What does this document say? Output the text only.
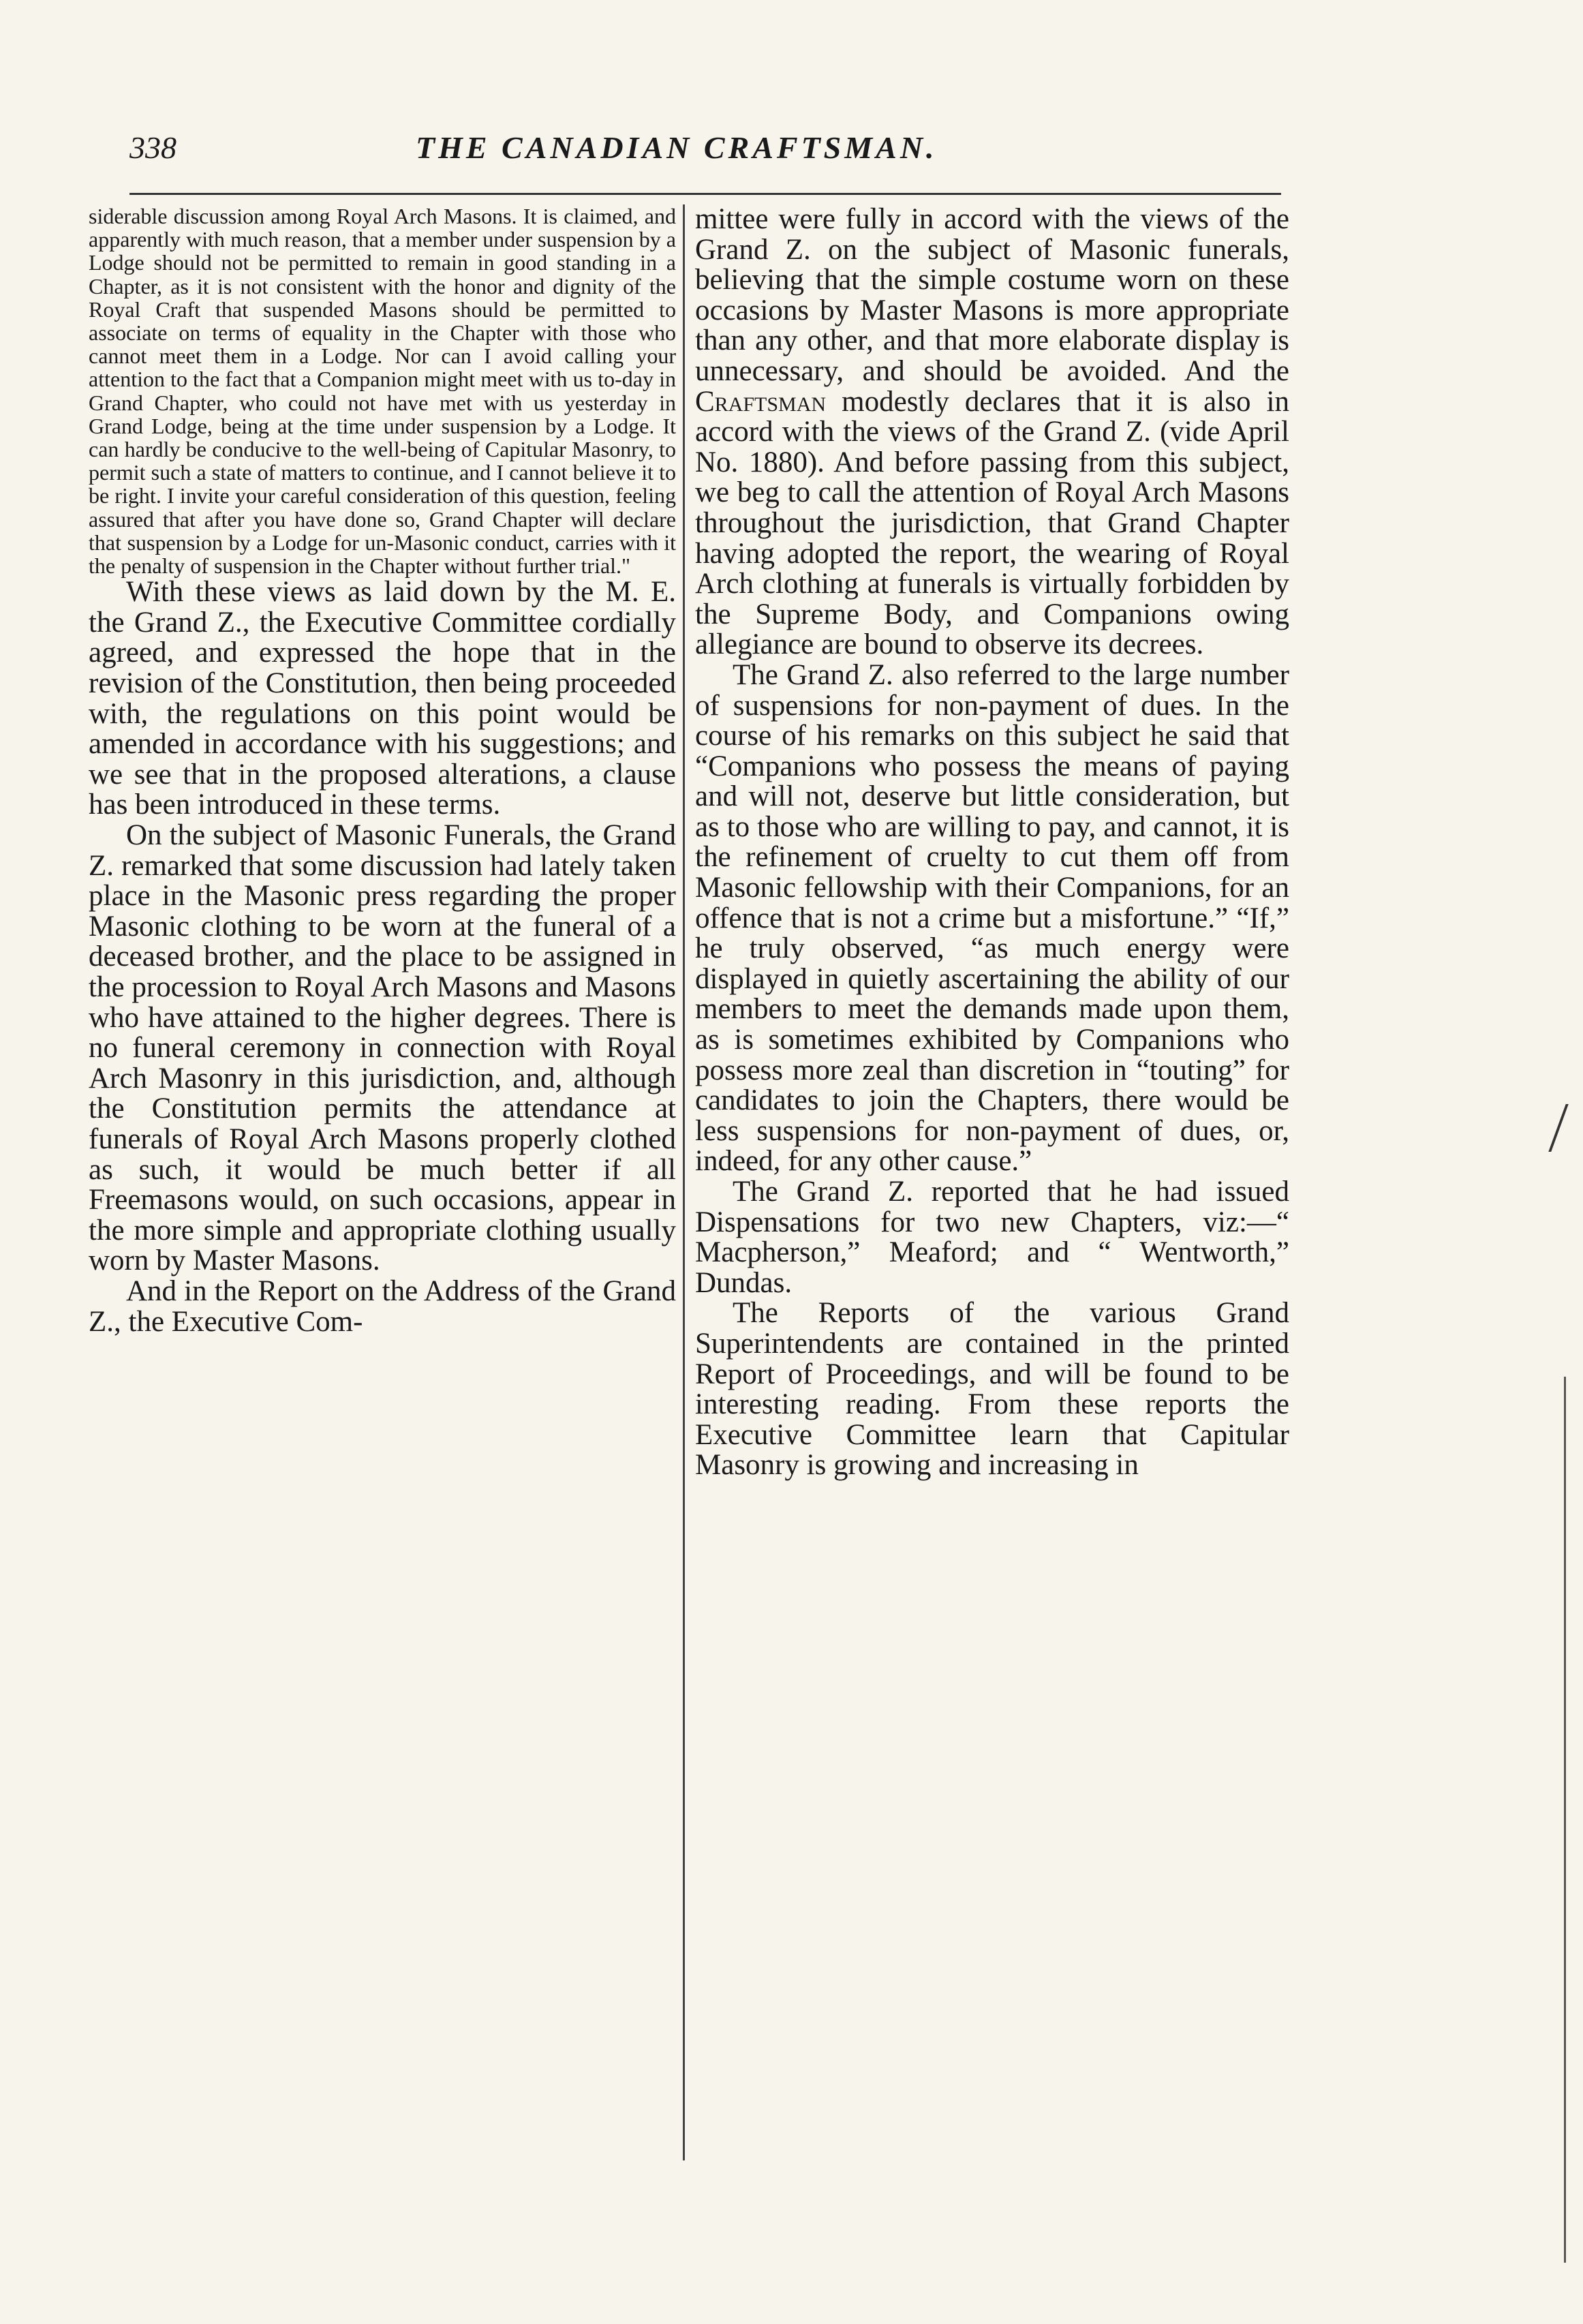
338	THE CANADIAN CRAFTSMAN.

siderable discussion among Royal Arch Masons. It is claimed, and apparently with much reason, that a member under suspension by a Lodge should not be permitted to remain in good standing in a Chapter, as it is not consistent with the honor and dignity of the Royal Craft that suspended Masons should be permitted to associate on terms of equality in the Chapter with those who cannot meet them in a Lodge. Nor can I avoid calling your attention to the fact that a Companion might meet with us to-day in Grand Chapter, who could not have met with us yesterday in Grand Lodge, being at the time under suspension by a Lodge. It can hardly be conducive to the well-being of Capitular Masonry, to permit such a state of matters to continue, and I cannot believe it to be right. I invite your careful consideration of this question, feeling assured that after you have done so, Grand Chapter will declare that suspension by a Lodge for un-Masonic conduct, carries with it the penalty of suspension in the Chapter without further trial."

With these views as laid down by the M. E. the Grand Z., the Executive Committee cordially agreed, and expressed the hope that in the revision of the Constitution, then being proceeded with, the regulations on this point would be amended in accordance with his suggestions; and we see that in the proposed alterations, a clause has been introduced in these terms.

On the subject of Masonic Funerals, the Grand Z. remarked that some discussion had lately taken place in the Masonic press regarding the proper Masonic clothing to be worn at the funeral of a deceased brother, and the place to be assigned in the procession to Royal Arch Masons and Masons who have attained to the higher degrees. There is no funeral ceremony in connection with Royal Arch Masonry in this jurisdiction, and, although the Constitution permits the attendance at funerals of Royal Arch Masons properly clothed as such, it would be much better if all Freemasons would, on such occasions, appear in the more simple and appropriate clothing usually worn by Master Masons.

And in the Report on the Address of the Grand Z., the Executive Com-

mittee were fully in accord with the views of the Grand Z. on the subject of Masonic funerals, believing that the simple costume worn on these occasions by Master Masons is more appropriate than any other, and that more elaborate display is unnecessary, and should be avoided. And the Craftsman modestly declares that it is also in accord with the views of the Grand Z. (vide April No. 1880). And before passing from this subject, we beg to call the attention of Royal Arch Masons throughout the jurisdiction, that Grand Chapter having adopted the report, the wearing of Royal Arch clothing at funerals is virtually forbidden by the Supreme Body, and Companions owing allegiance are bound to observe its decrees.

The Grand Z. also referred to the large number of suspensions for non-payment of dues. In the course of his remarks on this subject he said that “Companions who possess the means of paying and will not, deserve but little consideration, but as to those who are willing to pay, and cannot, it is the refinement of cruelty to cut them off from Masonic fellowship with their Companions, for an offence that is not a crime but a misfortune.” “If,” he truly observed, “as much energy were displayed in quietly ascertaining the ability of our members to meet the demands made upon them, as is sometimes exhibited by Companions who possess more zeal than discretion in “touting” for candidates to join the Chapters, there would be less suspensions for non-payment of dues, or, indeed, for any other cause.”

The Grand Z. reported that he had issued Dispensations for two new Chapters, viz:—“ Macpherson,” Meaford; and “ Wentworth,” Dundas.

The Reports of the various Grand Superintendents are contained in the printed Report of Proceedings, and will be found to be interesting reading. From these reports the Executive Committee learn that Capitular Masonry is growing and increasing in
